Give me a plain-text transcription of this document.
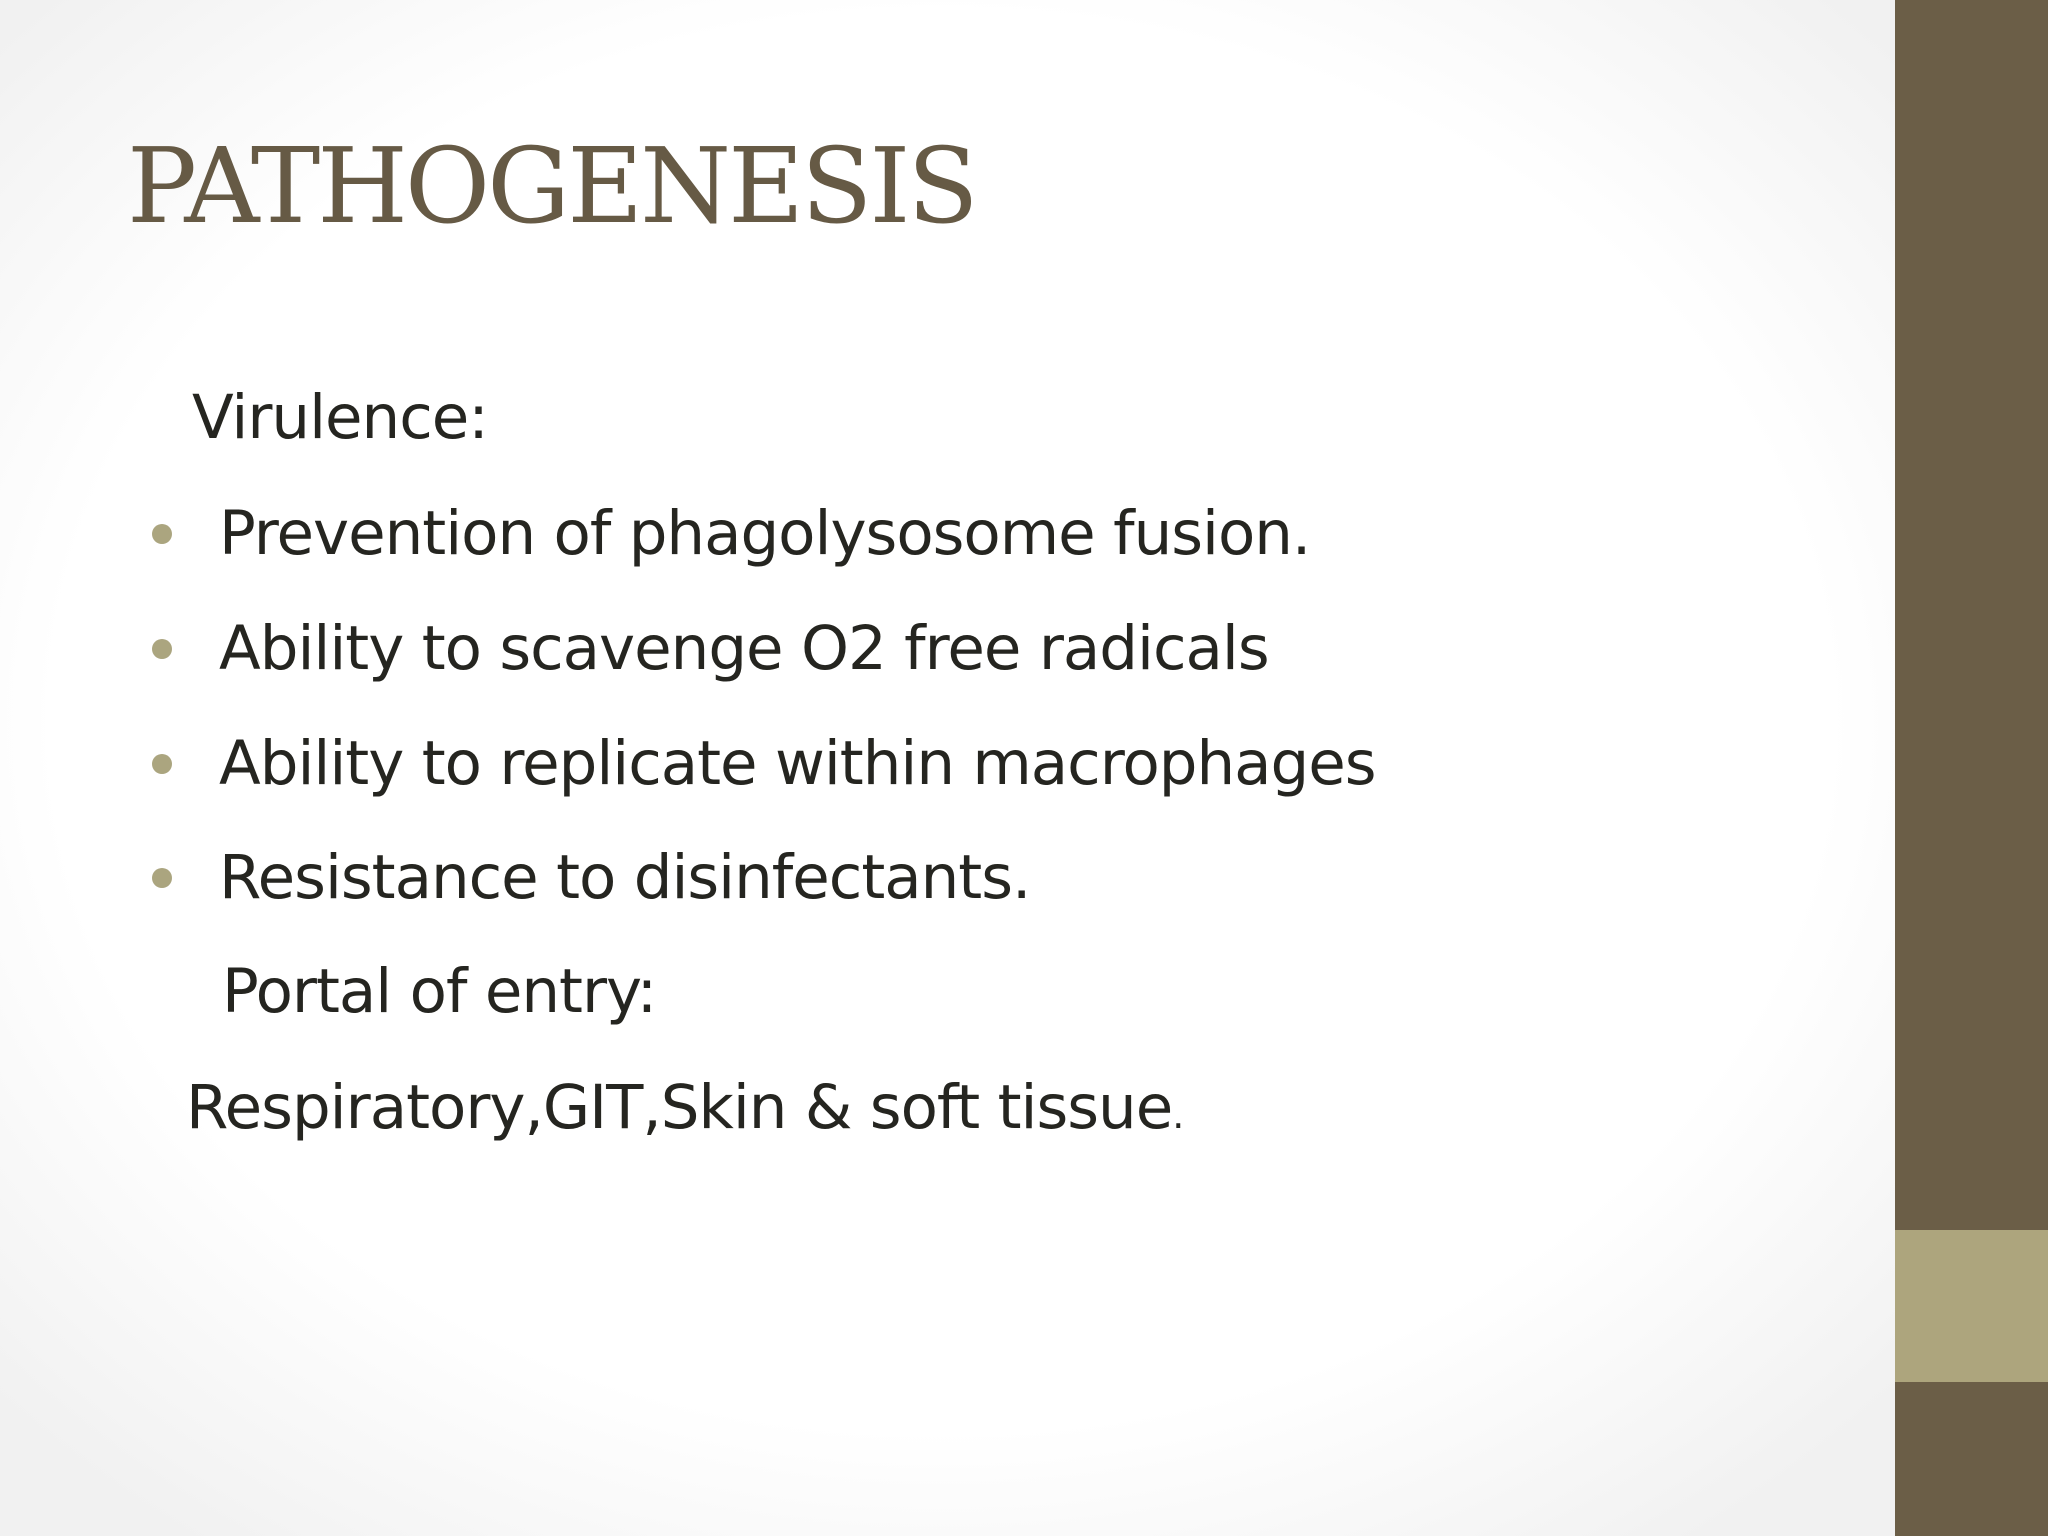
PATHOGENESIS

Virulence:

Prevention of phagolysosome fusion.
Ability to scavenge O2 free radicals
Ability to replicate within macrophages
Resistance to disinfectants.

Portal of entry:

Respiratory,GIT,Skin & soft tissue.
